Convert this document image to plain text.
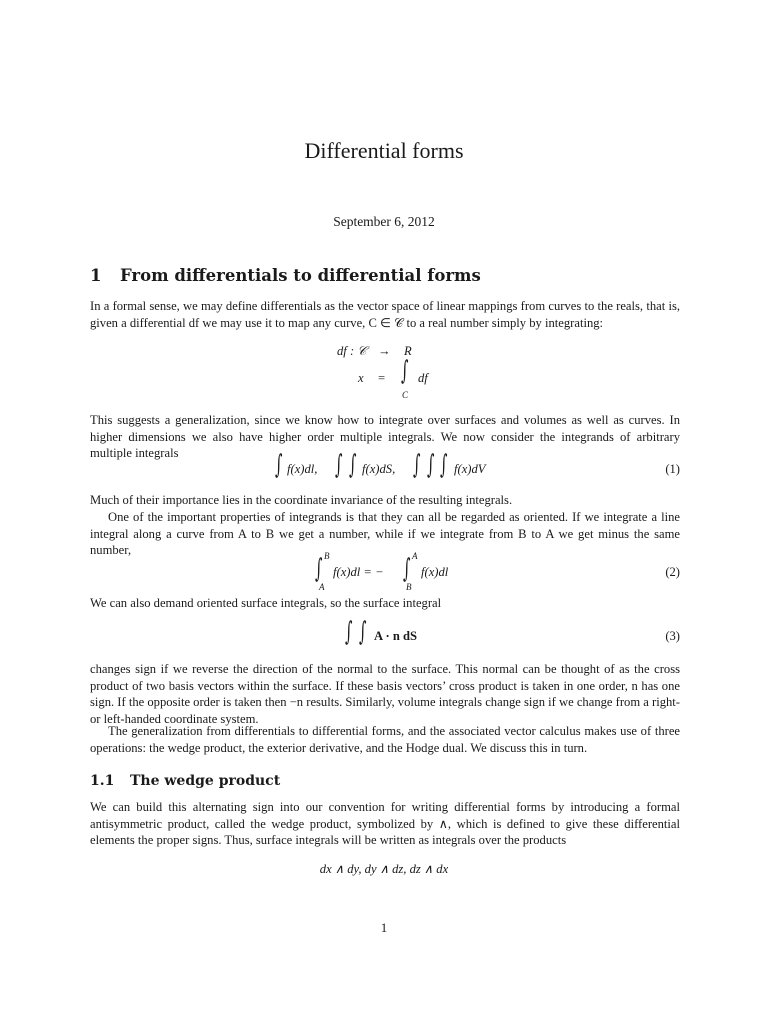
Differential forms
September 6, 2012
1 From differentials to differential forms
In a formal sense, we may define differentials as the vector space of linear mappings from curves to the reals, that is, given a differential df we may use it to map any curve, C ∈ 𝒞 to a real number simply by integrating:
df : 𝒞 → R
x = ∫ df
C
This suggests a generalization, since we know how to integrate over surfaces and volumes as well as curves. In higher dimensions we also have higher order multiple integrals. We now consider the integrands of arbitrary multiple integrals	∫ f(x)dl, ∫ ∫ f(x)dS, ∫ ∫ ∫ f(x)dV	(1)
Much of their importance lies in the coordinate invariance of the resulting integrals.
One of the important properties of integrands is that they can all be regarded as oriented. If we integrate a line integral along a curve from A to B we get a number, while if we integrate from B to A we get minus the same number,	B
∫
A
f(x)dl = −
A
∫
B
f(x)dl	(2)
We can also demand oriented surface integrals, so the surface integral
∫ ∫ A · n dS	(3)
changes sign if we reverse the direction of the normal to the surface. This normal can be thought of as the cross product of two basis vectors within the surface. If these basis vectors’ cross product is taken in one order, n has one sign. If the opposite order is taken then −n results. Similarly, volume integrals change sign if we change from a right- or left-handed coordinate system.
The generalization from differentials to differential forms, and the associated vector calculus makes use of three operations: the wedge product, the exterior derivative, and the Hodge dual. We discuss this in turn.
1.1 The wedge product
We can build this alternating sign into our convention for writing differential forms by introducing a formal antisymmetric product, called the wedge product, symbolized by ∧, which is defined to give these differential elements the proper signs. Thus, surface integrals will be written as integrals over the products
dx ∧ dy, dy ∧ dz, dz ∧ dx
1
